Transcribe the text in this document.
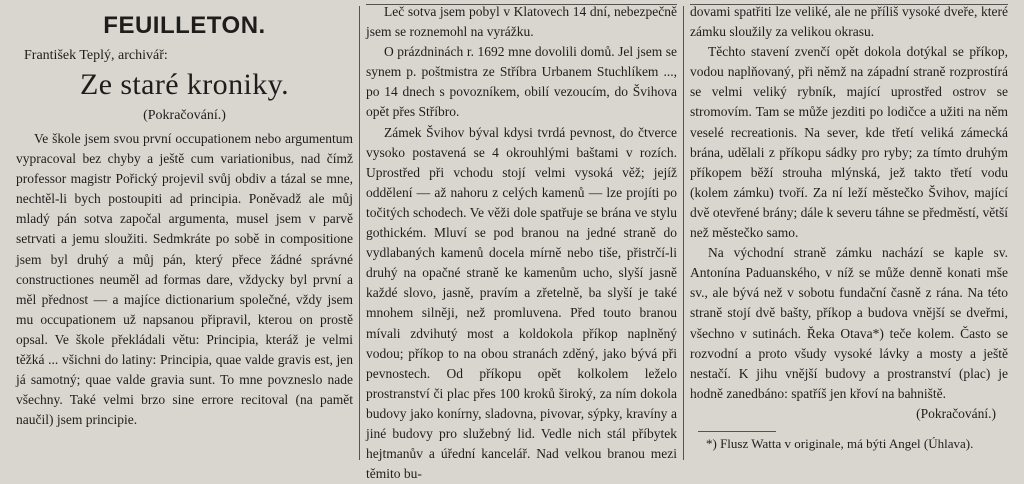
FEUILLETON.
František Teplý, archivář:
Ze staré kroniky.
(Pokračování.)

Ve škole jsem svou první occupationem nebo argumentum vypracoval bez chyby a ještě cum variationibus, nad čímž professor magistr Pořický projevil svůj obdiv a tázal se mne, nechtěl-li bych postoupiti ad principia. Poněvadž ale můj mladý pán sotva započal argumenta, musel jsem v parvě setrvati a jemu sloužiti. Sedmkráte po sobě in compositione jsem byl druhý a můj pán, který přece žádné správné constructiones neuměl ad formas dare, vždycky byl první a měl přednost — a majíce dictionarium společné, vždy jsem mu occupationem už napsanou připravil, kterou on prostě opsal. Ve škole překládali větu: Principia, kteráž je velmi těžká ... všichni do latiny: Principia, quae valde gravis est, jen já samotný; quae valde gravia sunt. To mne povzneslo nade všechny. Také velmi brzo sine errore recitoval (na pamět naučil) jsem principie.

Leč sotva jsem pobyl v Klatovech 14 dní, nebezpečně jsem se roznemohl na vyrážku.

O prázdninách r. 1692 mne dovolili domů. Jel jsem se synem p. poštmistra ze Stříbra Urbanem Stuchlíkem ..., po 14 dnech s povozníkem, obilí vezoucím, do Švihova opět přes Stříbro.

Zámek Švihov býval kdysi tvrdá pevnost, do čtverce vysoko postavená se 4 okrouhlými baštami v rozích. Uprostřed při vchodu stojí velmi vysoká věž; jejíž oddělení — až nahoru z celých kamenů — lze projíti po točitých schodech. Ve věži dole spatřuje se brána ve stylu gothickém. Mluví se pod branou na jedné straně do vydlabaných kamenů docela mírně nebo tiše, přistrčí-li druhý na opačné straně ke kamenům ucho, slyší jasně každé slovo, jasně, pravím a zřetelně, ba slyší je také mnohem silněji, než promluvena. Před touto branou mívali zdvihutý most a koldokola příkop naplněný vodou; příkop to na obou stranách zděný, jako bývá při pevnostech. Od příkopu opět kolkolem leželo prostranství či plac přes 100 kroků široký, za ním dokola budovy jako konírny, sladovna, pivovar, sýpky, kravíny a jiné budovy pro služebný lid. Vedle nich stál příbytek hejtmanův a úřední kancelář. Nad velkou branou mezi těmito bu-

dovami spatřiti lze veliké, ale ne příliš vysoké dveře, které zámku sloužily za velikou okrasu.

Těchto stavení zvenčí opět dokola dotýkal se příkop, vodou naplňovaný, při němž na západní straně rozprostírá se velmi veliký rybník, mající uprostřed ostrov se stromovím. Tam se může jezditi po lodičce a užiti na něm veselé recreationis. Na sever, kde třetí veliká zámecká brána, udělali z příkopu sádky pro ryby; za tímto druhým příkopem běží strouha mlýnská, jež takto třetí vodu (kolem zámku) tvoří. Za ní leží městečko Švihov, mající dvě otevřené brány; dále k severu táhne se předměstí, větší než městečko samo.

Na východní straně zámku nachází se kaple sv. Antonína Paduanského, v níž se může denně konati mše sv., ale bývá než v sobotu fundační časně z rána. Na této straně stojí dvě bašty, příkop a budova vnější se dveřmi, všechno v sutinách. Řeka Otava*) teče kolem. Často se rozvodní a proto všudy vysoké lávky a mosty a ještě nestačí. K jihu vnější budovy a prostranství (plac) je hodně zanedbáno: spatříš jen křoví na bahniště.

(Pokračování.)

*) Flusz Watta v originale, má býti Angel (Úhlava).
